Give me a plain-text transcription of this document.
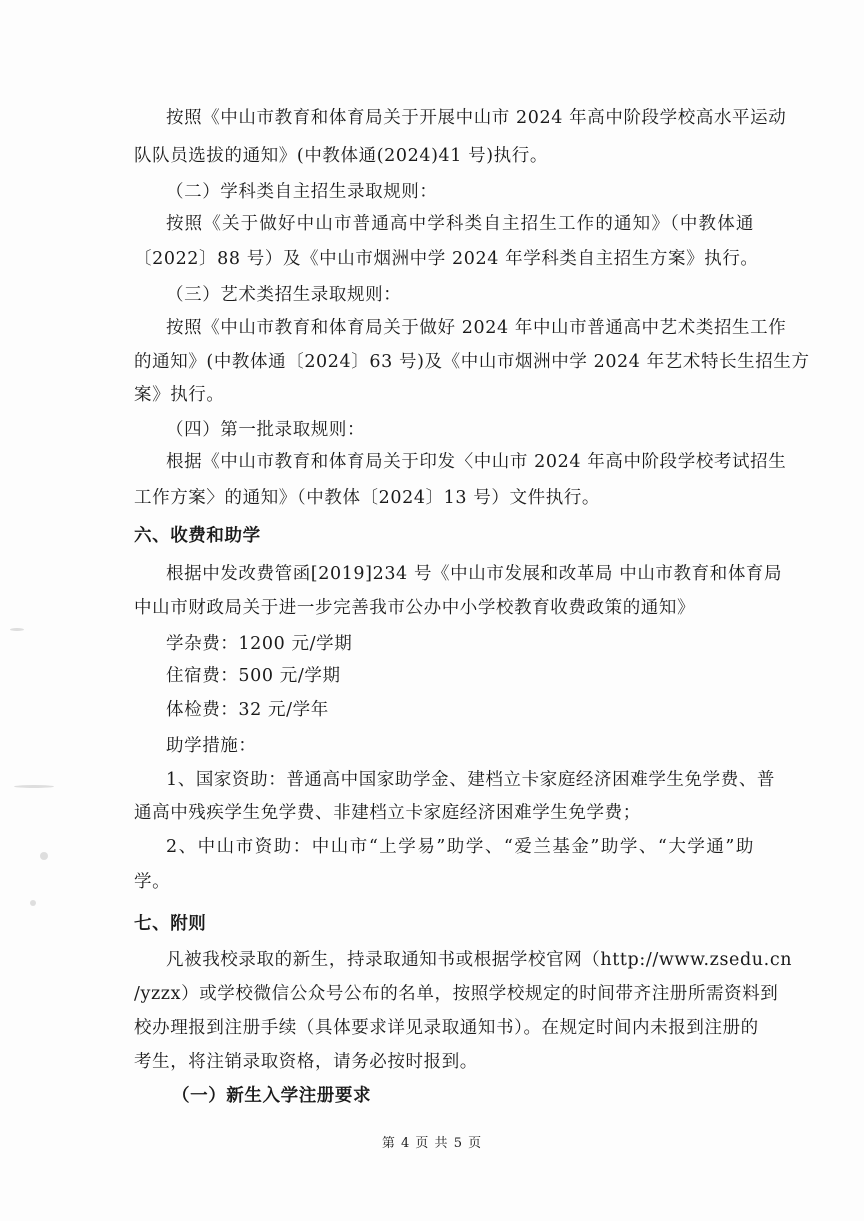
按照《中山市教育和体育局关于开展中山市 2024 年高中阶段学校高水平运动
队队员选拔的通知》(中教体通(2024)41 号)执行。
（二）学科类自主招生录取规则：
按照《关于做好中山市普通高中学科类自主招生工作的通知》（中教体通
〔2022〕88 号）及《中山市烟洲中学 2024 年学科类自主招生方案》执行。
（三）艺术类招生录取规则：
按照《中山市教育和体育局关于做好 2024 年中山市普通高中艺术类招生工作
的通知》(中教体通〔2024〕63 号)及《中山市烟洲中学 2024 年艺术特长生招生方
案》执行。
（四）第一批录取规则：
根据《中山市教育和体育局关于印发〈中山市 2024 年高中阶段学校考试招生
工作方案〉的通知》（中教体〔2024〕13 号）文件执行。
六、收费和助学
根据中发改费管函[2019]234 号《中山市发展和改革局 中山市教育和体育局
中山市财政局关于进一步完善我市公办中小学校教育收费政策的通知》
学杂费：1200 元/学期
住宿费：500 元/学期
体检费：32 元/学年
助学措施：
1、国家资助：普通高中国家助学金、建档立卡家庭经济困难学生免学费、普
通高中残疾学生免学费、非建档立卡家庭经济困难学生免学费；
2、中山市资助：中山市“上学易”助学、“爱兰基金”助学、“大学通”助
学。
七、附则
凡被我校录取的新生，持录取通知书或根据学校官网（http://www.zsedu.cn
/yzzx）或学校微信公众号公布的名单，按照学校规定的时间带齐注册所需资料到
校办理报到注册手续（具体要求详见录取通知书）。在规定时间内未报到注册的
考生，将注销录取资格，请务必按时报到。
（一）新生入学注册要求
第 4 页 共 5 页
